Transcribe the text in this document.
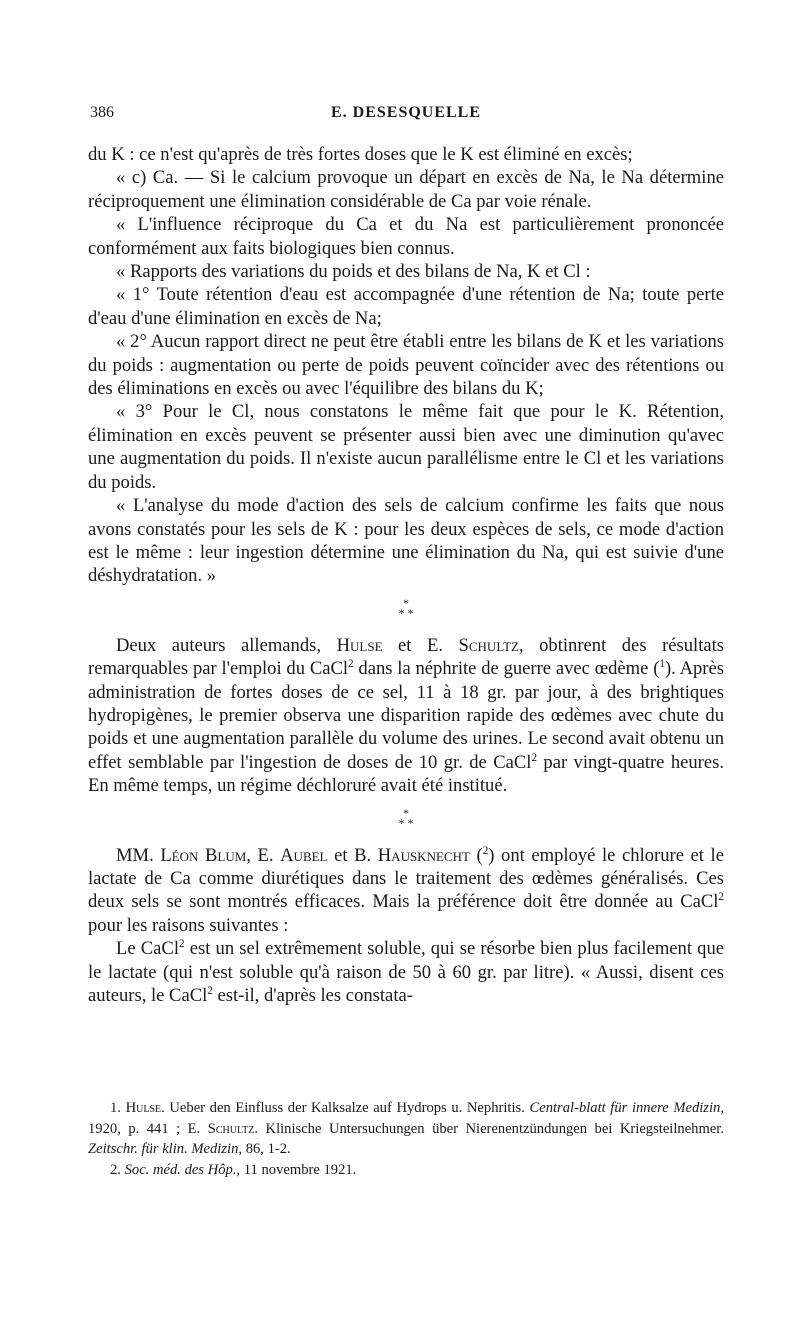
386	E. DESESQUELLE

du K : ce n'est qu'après de très fortes doses que le K est éliminé en excès;

« c) Ca. — Si le calcium provoque un départ en excès de Na, le Na détermine réciproquement une élimination considérable de Ca par voie rénale.

« L'influence réciproque du Ca et du Na est particulièrement prononcée conformément aux faits biologiques bien connus.

« Rapports des variations du poids et des bilans de Na, K et Cl :

« 1° Toute rétention d'eau est accompagnée d'une rétention de Na; toute perte d'eau d'une élimination en excès de Na;

« 2° Aucun rapport direct ne peut être établi entre les bilans de K et les variations du poids : augmentation ou perte de poids peuvent coïncider avec des rétentions ou des éliminations en excès ou avec l'équilibre des bilans du K;

« 3° Pour le Cl, nous constatons le même fait que pour le K. Rétention, élimination en excès peuvent se présenter aussi bien avec une diminution qu'avec une augmentation du poids. Il n'existe aucun parallélisme entre le Cl et les variations du poids.

« L'analyse du mode d'action des sels de calcium confirme les faits que nous avons constatés pour les sels de K : pour les deux espèces de sels, ce mode d'action est le même : leur ingestion détermine une élimination du Na, qui est suivie d'une déshydratation. »

*
* *

Deux auteurs allemands, Hulse et E. Schultz, obtinrent des résultats remarquables par l'emploi du CaCl$^2$ dans la néphrite de guerre avec œdème ($^1$). Après administration de fortes doses de ce sel, 11 à 18 gr. par jour, à des brightiques hydropigènes, le premier observa une disparition rapide des œdèmes avec chute du poids et une augmentation parallèle du volume des urines. Le second avait obtenu un effet semblable par l'ingestion de doses de 10 gr. de CaCl$^2$ par vingt-quatre heures. En même temps, un régime déchloruré avait été institué.

*
* *

MM. Léon Blum, E. Aubel et B. Hausknecht ($^2$) ont employé le chlorure et le lactate de Ca comme diurétiques dans le traitement des œdèmes généralisés. Ces deux sels se sont montrés efficaces. Mais la préférence doit être donnée au CaCl$^2$ pour les raisons suivantes :

Le CaCl$^2$ est un sel extrêmement soluble, qui se résorbe bien plus facilement que le lactate (qui n'est soluble qu'à raison de 50 à 60 gr. par litre). « Aussi, disent ces auteurs, le CaCl$^2$ est-il, d'après les constata-

1. Hulse. Ueber den Einfluss der Kalksalze auf Hydrops u. Nephritis. Central-blatt für innere Medizin, 1920, p. 441 ; E. Schultz. Klinische Untersuchungen über Nierenentzündungen bei Kriegsteilnehmer. Zeitschr. für klin. Medizin, 86, 1-2.

2. Soc. méd. des Hôp., 11 novembre 1921.
